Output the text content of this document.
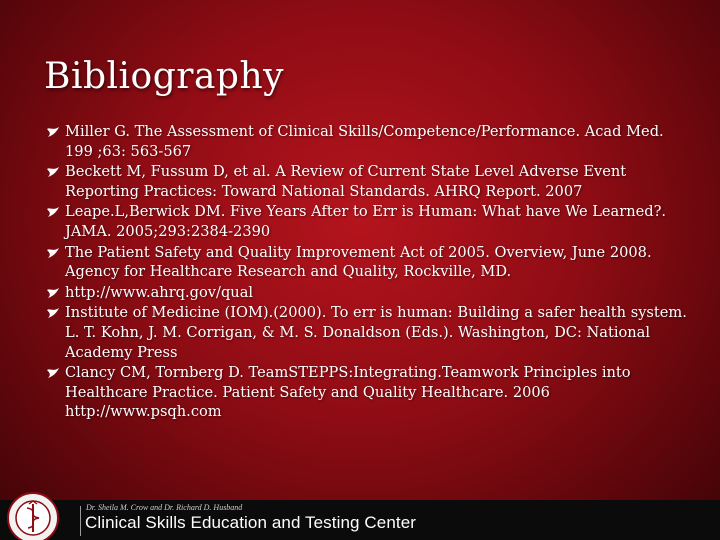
Bibliography
Miller G. The Assessment of Clinical Skills/Competence/Performance. Acad Med. 199 ;63: 563-567
Beckett M, Fussum D, et al. A Review of Current State Level Adverse Event Reporting Practices: Toward National Standards. AHRQ Report. 2007
Leape.L,Berwick DM. Five Years After to Err is Human: What have We Learned?. JAMA. 2005;293:2384-2390
The Patient Safety and Quality Improvement Act of 2005. Overview, June 2008. Agency for Healthcare Research and Quality, Rockville, MD.
http://www.ahrq.gov/qual
Institute of Medicine (IOM).(2000). To err is human: Building a safer health system. L. T. Kohn, J. M. Corrigan, & M. S. Donaldson (Eds.). Washington, DC: National Academy Press
Clancy CM, Tornberg D. TeamSTEPPS:Integrating.Teamwork Principles into Healthcare Practice. Patient Safety and Quality Healthcare. 2006 http://www.psqh.com
Dr. Sheila M. Crow and Dr. Richard D. Husband
Clinical Skills Education and Testing Center
